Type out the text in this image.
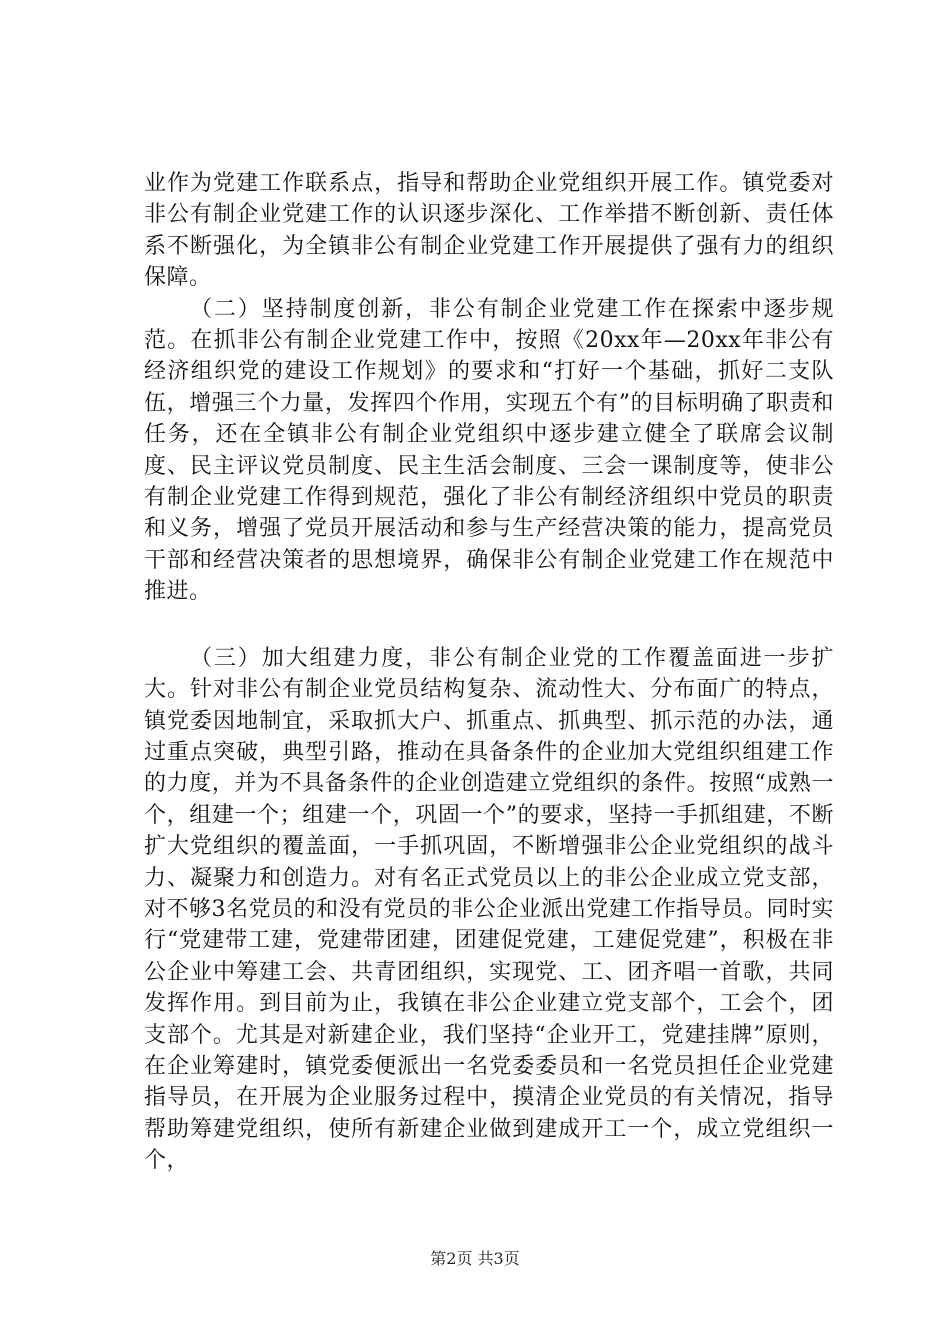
业作为党建工作联系点，指导和帮助企业党组织开展工作。镇党委对非公有制企业党建工作的认识逐步深化、工作举措不断创新、责任体系不断强化，为全镇非公有制企业党建工作开展提供了强有力的组织保障。

（二）坚持制度创新，非公有制企业党建工作在探索中逐步规范。在抓非公有制企业党建工作中，按照《20xx年—20xx年非公有经济组织党的建设工作规划》的要求和“打好一个基础，抓好二支队伍，增强三个力量，发挥四个作用，实现五个有”的目标明确了职责和任务，还在全镇非公有制企业党组织中逐步建立健全了联席会议制度、民主评议党员制度、民主生活会制度、三会一课制度等，使非公有制企业党建工作得到规范，强化了非公有制经济组织中党员的职责和义务，增强了党员开展活动和参与生产经营决策的能力，提高党员干部和经营决策者的思想境界，确保非公有制企业党建工作在规范中推进。

（三）加大组建力度，非公有制企业党的工作覆盖面进一步扩大。针对非公有制企业党员结构复杂、流动性大、分布面广的特点，镇党委因地制宜，采取抓大户、抓重点、抓典型、抓示范的办法，通过重点突破，典型引路，推动在具备条件的企业加大党组织组建工作的力度，并为不具备条件的企业创造建立党组织的条件。按照“成熟一个，组建一个；组建一个，巩固一个”的要求，坚持一手抓组建，不断扩大党组织的覆盖面，一手抓巩固，不断增强非公企业党组织的战斗力、凝聚力和创造力。对有名正式党员以上的非公企业成立党支部，对不够3名党员的和没有党员的非公企业派出党建工作指导员。同时实行“党建带工建，党建带团建，团建促党建，工建促党建”，积极在非公企业中筹建工会、共青团组织，实现党、工、团齐唱一首歌，共同发挥作用。到目前为止，我镇在非公企业建立党支部个，工会个，团支部个。尤其是对新建企业，我们坚持“企业开工，党建挂牌”原则，在企业筹建时，镇党委便派出一名党委委员和一名党员担任企业党建指导员，在开展为企业服务过程中，摸清企业党员的有关情况，指导帮助筹建党组织，使所有新建企业做到建成开工一个，成立党组织一个，

第2页 共3页
